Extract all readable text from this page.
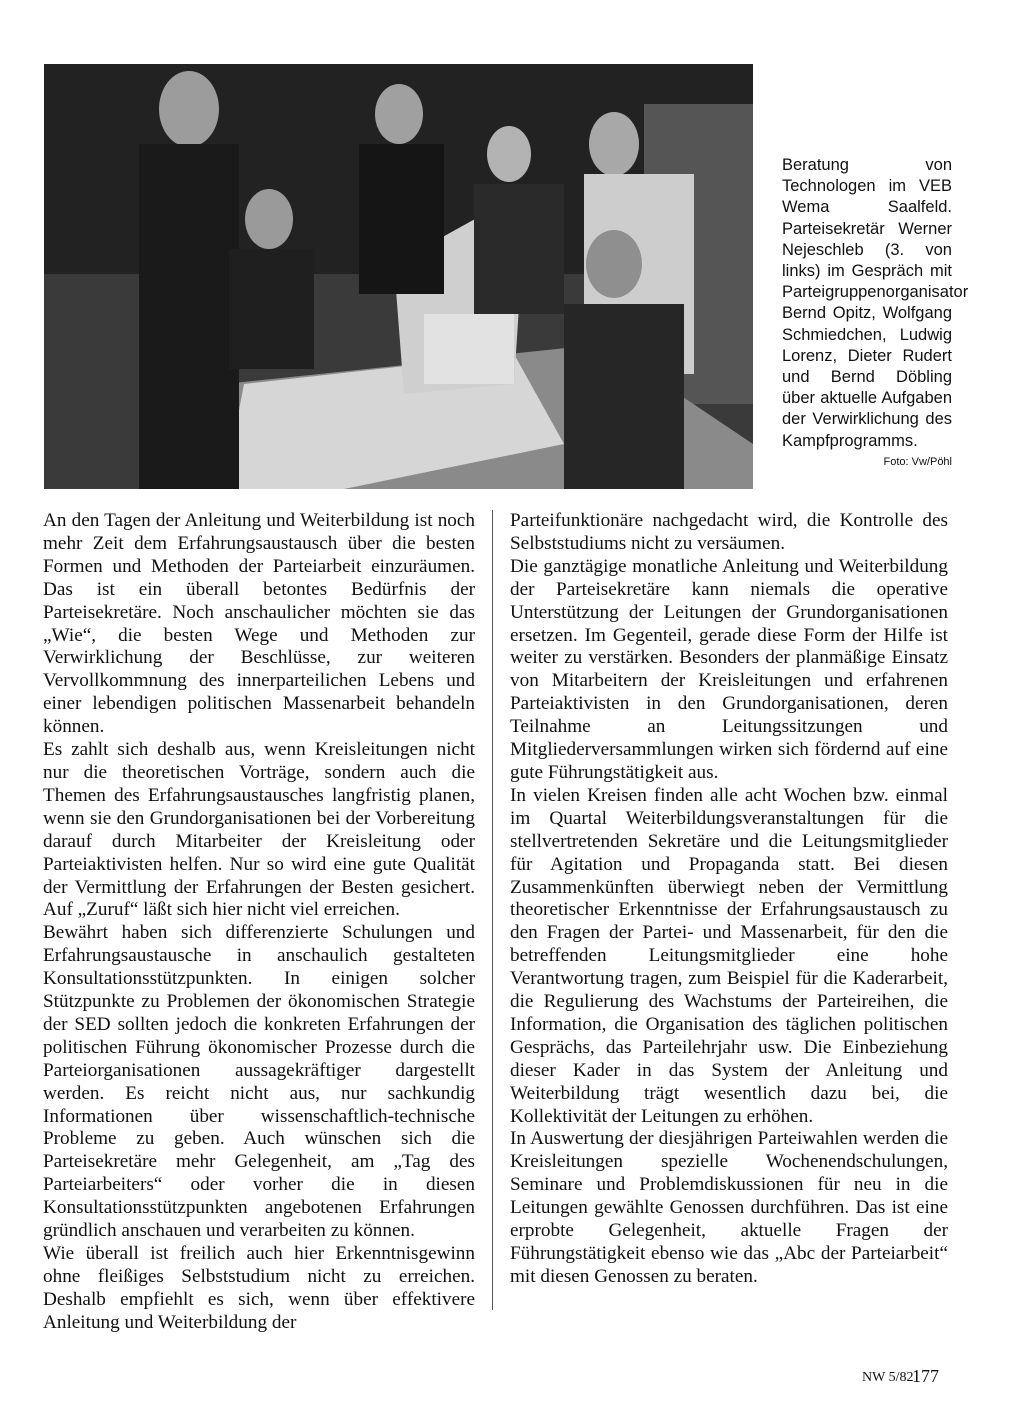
Beratung von Technologen im VEB Wema Saalfeld. Parteisekretär Werner Nejeschleb (3. von links) im Gespräch mit Parteigruppenorganisator Bernd Opitz, Wolfgang Schmiedchen, Ludwig Lorenz, Dieter Rudert und Bernd Döbling über aktuelle Aufgaben der Verwirklichung des Kampfprogramms.
Foto: Vw/Pöhl

An den Tagen der Anleitung und Weiterbildung ist noch mehr Zeit dem Erfahrungsaustausch über die besten Formen und Methoden der Parteiarbeit einzuräumen. Das ist ein überall betontes Bedürfnis der Parteisekretäre. Noch anschaulicher möchten sie das „Wie“, die besten Wege und Methoden zur Verwirklichung der Beschlüsse, zur weiteren Vervollkommnung des innerparteilichen Lebens und einer lebendigen politischen Massenarbeit behandeln können.

Es zahlt sich deshalb aus, wenn Kreisleitungen nicht nur die theoretischen Vorträge, sondern auch die Themen des Erfahrungsaustausches langfristig planen, wenn sie den Grundorganisationen bei der Vorbereitung darauf durch Mitarbeiter der Kreisleitung oder Parteiaktivisten helfen. Nur so wird eine gute Qualität der Vermittlung der Erfahrungen der Besten gesichert. Auf „Zuruf“ läßt sich hier nicht viel erreichen.

Bewährt haben sich differenzierte Schulungen und Erfahrungsaustausche in anschaulich gestalteten Konsultationsstützpunkten. In einigen solcher Stützpunkte zu Problemen der ökonomischen Strategie der SED sollten jedoch die konkreten Erfahrungen der politischen Führung ökonomischer Prozesse durch die Parteiorganisationen aussagekräftiger dargestellt werden. Es reicht nicht aus, nur sachkundig Informationen über wissenschaftlich-technische Probleme zu geben. Auch wünschen sich die Parteisekretäre mehr Gelegenheit, am „Tag des Parteiarbeiters“ oder vorher die in diesen Konsultationsstützpunkten angebotenen Erfahrungen gründlich anschauen und verarbeiten zu können.

Wie überall ist freilich auch hier Erkenntnisgewinn ohne fleißiges Selbststudium nicht zu erreichen. Deshalb empfiehlt es sich, wenn über effektivere Anleitung und Weiterbildung der

Parteifunktionäre nachgedacht wird, die Kontrolle des Selbststudiums nicht zu versäumen.

Die ganztägige monatliche Anleitung und Weiterbildung der Parteisekretäre kann niemals die operative Unterstützung der Leitungen der Grundorganisationen ersetzen. Im Gegenteil, gerade diese Form der Hilfe ist weiter zu verstärken. Besonders der planmäßige Einsatz von Mitarbeitern der Kreisleitungen und erfahrenen Parteiaktivisten in den Grundorganisationen, deren Teilnahme an Leitungssitzungen und Mitgliederversammlungen wirken sich fördernd auf eine gute Führungstätigkeit aus.

In vielen Kreisen finden alle acht Wochen bzw. einmal im Quartal Weiterbildungsveranstaltungen für die stellvertretenden Sekretäre und die Leitungsmitglieder für Agitation und Propaganda statt. Bei diesen Zusammenkünften überwiegt neben der Vermittlung theoretischer Erkenntnisse der Erfahrungsaustausch zu den Fragen der Partei- und Massenarbeit, für den die betreffenden Leitungsmitglieder eine hohe Verantwortung tragen, zum Beispiel für die Kaderarbeit, die Regulierung des Wachstums der Parteireihen, die Information, die Organisation des täglichen politischen Gesprächs, das Parteilehrjahr usw. Die Einbeziehung dieser Kader in das System der Anleitung und Weiterbildung trägt wesentlich dazu bei, die Kollektivität der Leitungen zu erhöhen.

In Auswertung der diesjährigen Parteiwahlen werden die Kreisleitungen spezielle Wochenendschulungen, Seminare und Problemdiskussionen für neu in die Leitungen gewählte Genossen durchführen. Das ist eine erprobte Gelegenheit, aktuelle Fragen der Führungstätigkeit ebenso wie das „Abc der Parteiarbeit“ mit diesen Genossen zu beraten.

NW 5/82
177
